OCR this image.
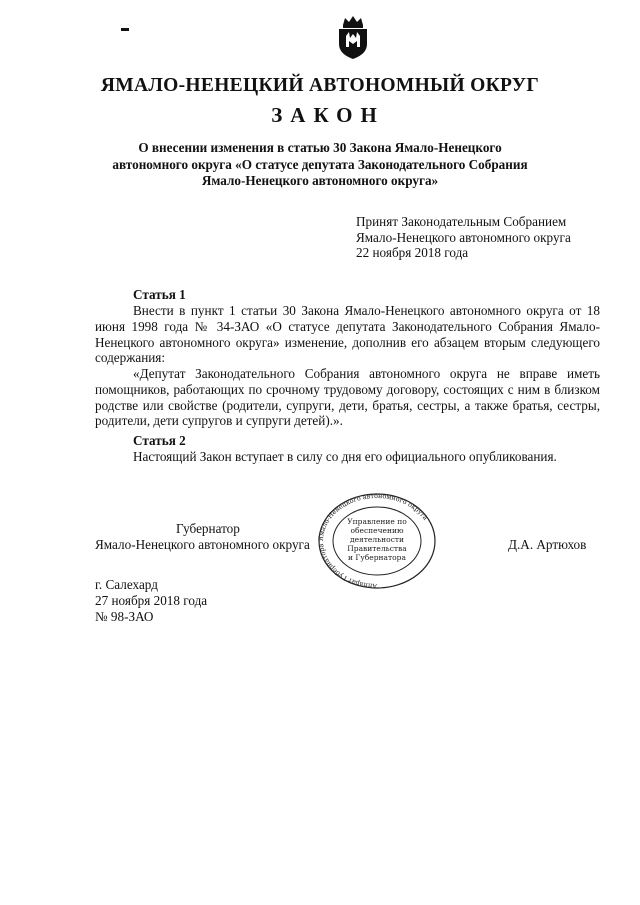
ЯМАЛО-НЕНЕЦКИЙ АВТОНОМНЫЙ ОКРУГ
ЗАКОН
О внесении изменения в статью 30 Закона Ямало-Ненецкого
автономного округа «О статусе депутата Законодательного Собрания
Ямало-Ненецкого автономного округа»
Принят Законодательным Собранием
Ямало-Ненецкого автономного округа
22 ноября 2018 года
Статья 1
Внести в пункт 1 статьи 30 Закона Ямало-Ненецкого автономного округа от 18 июня 1998 года № 34-ЗАО «О статусе депутата Законодательного Собрания Ямало-Ненецкого автономного округа» изменение, дополнив его абзацем вторым следующего содержания:
«Депутат Законодательного Собрания автономного округа не вправе иметь помощников, работающих по срочному трудовому договору, состоящих с ним в близком родстве или свойстве (родители, супруги, дети, братья, сестры, а также братья, сестры, родители, дети супругов и супруги детей).».
Статья 2
Настоящий Закон вступает в силу со дня его официального опубликования.
Аппарат Губернатора Ямало-Ненецкого автономного округа
Управление по
обеспечению
деятельности
Правительства
и Губернатора
Губернатор
Ямало-Ненецкого автономного округа	Д.А. Артюхов
г. Салехард
27 ноября 2018 года
№ 98-ЗАО
